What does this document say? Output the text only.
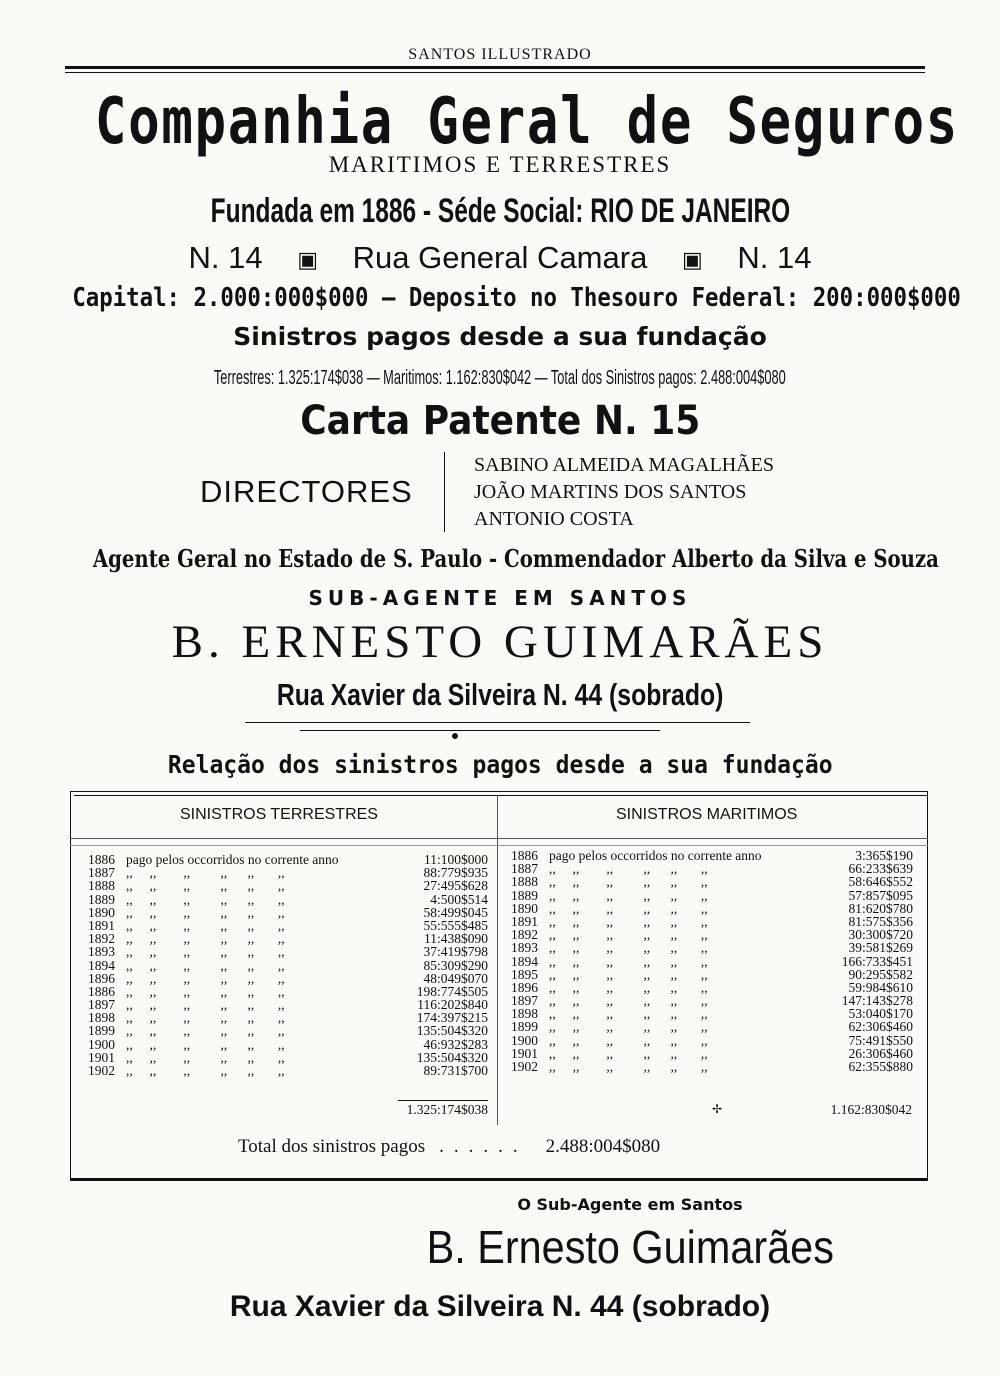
SANTOS ILLUSTRADO
Companhia Geral de Seguros
MARITIMOS E TERRESTRES
Fundada em 1886 - Séde Social: RIO DE JANEIRO
N. 14 ▣ Rua General Camara ▣ N. 14
Capital: 2.000:000$000 — Deposito no Thesouro Federal: 200:000$000
Sinistros pagos desde a sua fundação
Terrestres: 1.325:174$038 — Maritimos: 1.162:830$042 — Total dos Sinistros pagos: 2.488:004$080
Carta Patente N. 15
DIRECTORES
SABINO ALMEIDA MAGALHÃES
JOÃO MARTINS DOS SANTOS
ANTONIO COSTA
Agente Geral no Estado de S. Paulo - Commendador Alberto da Silva e Souza
SUB-AGENTE EM SANTOS
B. ERNESTO GUIMARÃES
Rua Xavier da Silveira N. 44 (sobrado)
Relação dos sinistros pagos desde a sua fundação
SINISTROS TERRESTRES	SINISTROS MARITIMOS
1886 pago pelos occorridos no corrente anno	11:100$000
1887 ,,     ,,        ,,         ,,      ,,       ,,	88:779$935
1888 ,,     ,,        ,,         ,,      ,,       ,,	27:495$628
1889 ,,     ,,        ,,         ,,      ,,       ,,	4:500$514
1890 ,,     ,,        ,,         ,,      ,,       ,,	58:499$045
1891 ,,     ,,        ,,         ,,      ,,       ,,	55:555$485
1892 ,,     ,,        ,,         ,,      ,,       ,,	11:438$090
1893 ,,     ,,        ,,         ,,      ,,       ,,	37:419$798
1894 ,,     ,,        ,,         ,,      ,,       ,,	85:309$290
1896 ,,     ,,        ,,         ,,      ,,       ,,	48:049$070
1886 ,,     ,,        ,,         ,,      ,,       ,,	198:774$505
1897 ,,     ,,        ,,         ,,      ,,       ,,	116:202$840
1898 ,,     ,,        ,,         ,,      ,,       ,,	174:397$215
1899 ,,     ,,        ,,         ,,      ,,       ,,	135:504$320
1900 ,,     ,,        ,,         ,,      ,,       ,,	46:932$283
1901 ,,     ,,        ,,         ,,      ,,       ,,	135:504$320
1902 ,,     ,,        ,,         ,,      ,,       ,,	89:731$700
1886 pago pelos occorridos no corrente anno	3:365$190
1887 ,,     ,,        ,,         ,,      ,,       ,,	66:233$639
1888 ,,     ,,        ,,         ,,      ,,       ,,	58:646$552
1889 ,,     ,,        ,,         ,,      ,,       ,,	57:857$095
1890 ,,     ,,        ,,         ,,      ,,       ,,	81:620$780
1891 ,,     ,,        ,,         ,,      ,,       ,,	81:575$356
1892 ,,     ,,        ,,         ,,      ,,       ,,	30:300$720
1893 ,,     ,,        ,,         ,,      ,,       ,,	39:581$269
1894 ,,     ,,        ,,         ,,      ,,       ,,	166:733$451
1895 ,,     ,,        ,,         ,,      ,,       ,,	90:295$582
1896 ,,     ,,        ,,         ,,      ,,       ,,	59:984$610
1897 ,,     ,,        ,,         ,,      ,,       ,,	147:143$278
1898 ,,     ,,        ,,         ,,      ,,       ,,	53:040$170
1899 ,,     ,,        ,,         ,,      ,,       ,,	62:306$460
1900 ,,     ,,        ,,         ,,      ,,       ,,	75:491$550
1901 ,,     ,,        ,,         ,,      ,,       ,,	26:306$460
1902 ,,     ,,        ,,         ,,      ,,       ,,	62:355$880
1.325:174$038	✢	1.162:830$042
Total dos sinistros pagos ...... 2.488:004$080
O Sub-Agente em Santos
B. Ernesto Guimarães
Rua Xavier da Silveira N. 44 (sobrado)
